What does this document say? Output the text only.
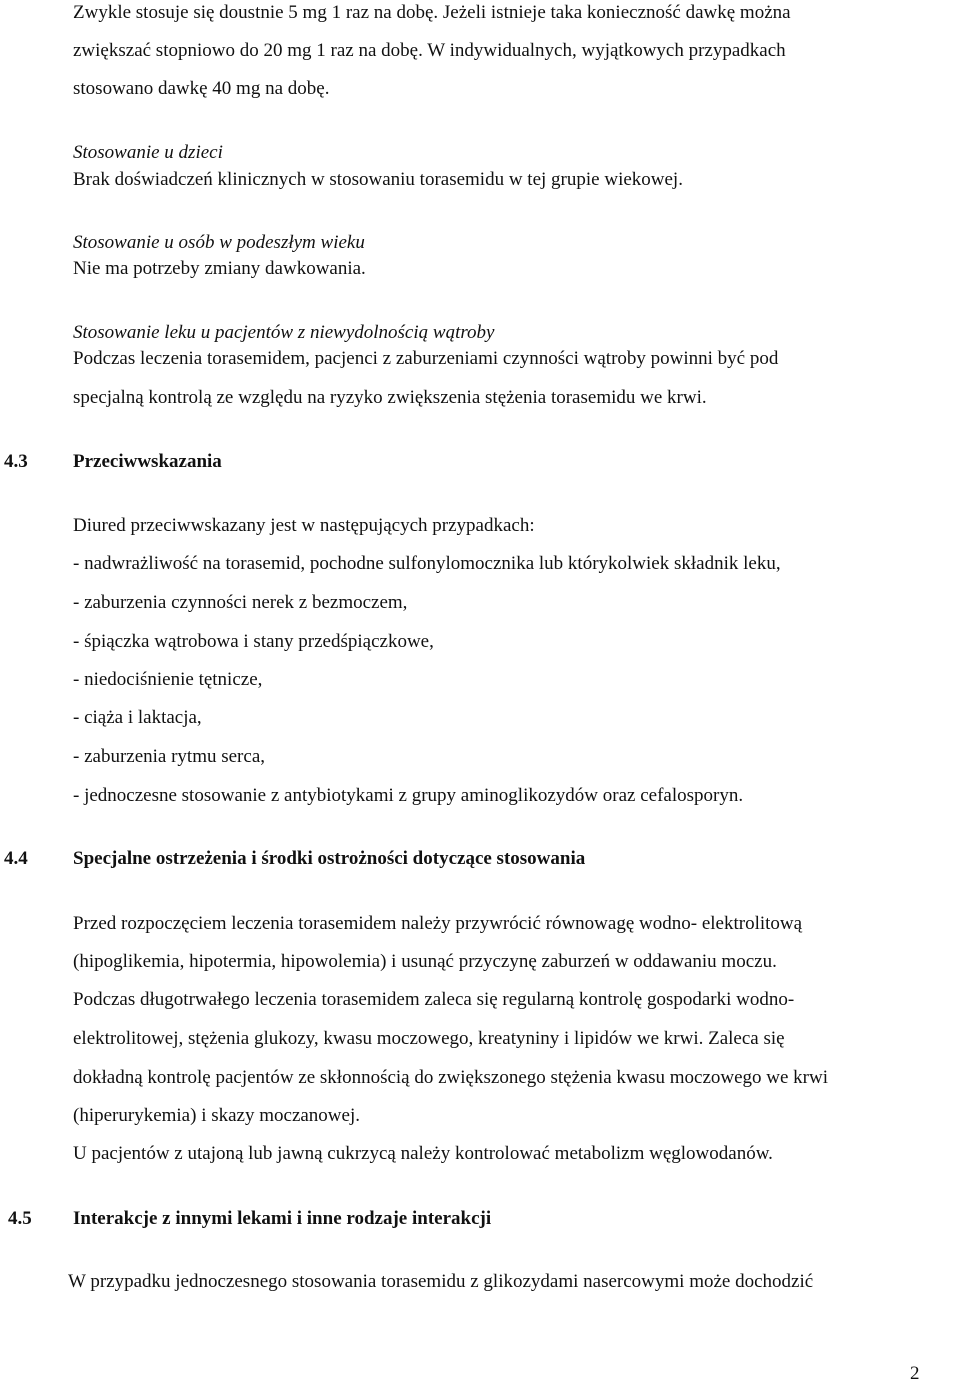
Zwykle stosuje się doustnie 5 mg 1 raz na dobę. Jeżeli istnieje taka konieczność dawkę można
zwiększać stopniowo do 20 mg 1 raz na dobę. W indywidualnych, wyjątkowych przypadkach
stosowano dawkę 40 mg na dobę.
Stosowanie u dzieci
Brak doświadczeń klinicznych w stosowaniu torasemidu w tej grupie wiekowej.
Stosowanie u osób w podeszłym wieku
Nie ma potrzeby zmiany dawkowania.
Stosowanie leku u pacjentów z niewydolnością wątroby
Podczas leczenia torasemidem, pacjenci z zaburzeniami czynności wątroby powinni być pod
specjalną kontrolą ze względu na ryzyko zwiększenia stężenia torasemidu we krwi.
4.3 Przeciwwskazania
Diured przeciwwskazany jest w następujących przypadkach:
- nadwrażliwość na torasemid, pochodne sulfonylomocznika lub którykolwiek składnik leku,
- zaburzenia czynności nerek z bezmoczem,
- śpiączka wątrobowa i stany przedśpiączkowe,
- niedociśnienie tętnicze,
- ciąża i laktacja,
- zaburzenia rytmu serca,
- jednoczesne stosowanie z antybiotykami z grupy aminoglikozydów oraz cefalosporyn.
4.4 Specjalne ostrzeżenia i środki ostrożności dotyczące stosowania
Przed rozpoczęciem leczenia torasemidem należy przywrócić równowagę wodno- elektrolitową
(hipoglikemia, hipotermia, hipowolemia) i usunąć przyczynę zaburzeń w oddawaniu moczu.
Podczas długotrwałego leczenia torasemidem zaleca się regularną kontrolę gospodarki wodno-
elektrolitowej, stężenia glukozy, kwasu moczowego, kreatyniny i lipidów we krwi. Zaleca się
dokładną kontrolę pacjentów ze skłonnością do zwiększonego stężenia kwasu moczowego we krwi
(hiperurykemia) i skazy moczanowej.
U pacjentów z utajoną lub jawną cukrzycą należy kontrolować metabolizm węglowodanów.
4.5 Interakcje z innymi lekami i inne rodzaje interakcji
W przypadku jednoczesnego stosowania torasemidu z glikozydami nasercowymi może dochodzić
2
